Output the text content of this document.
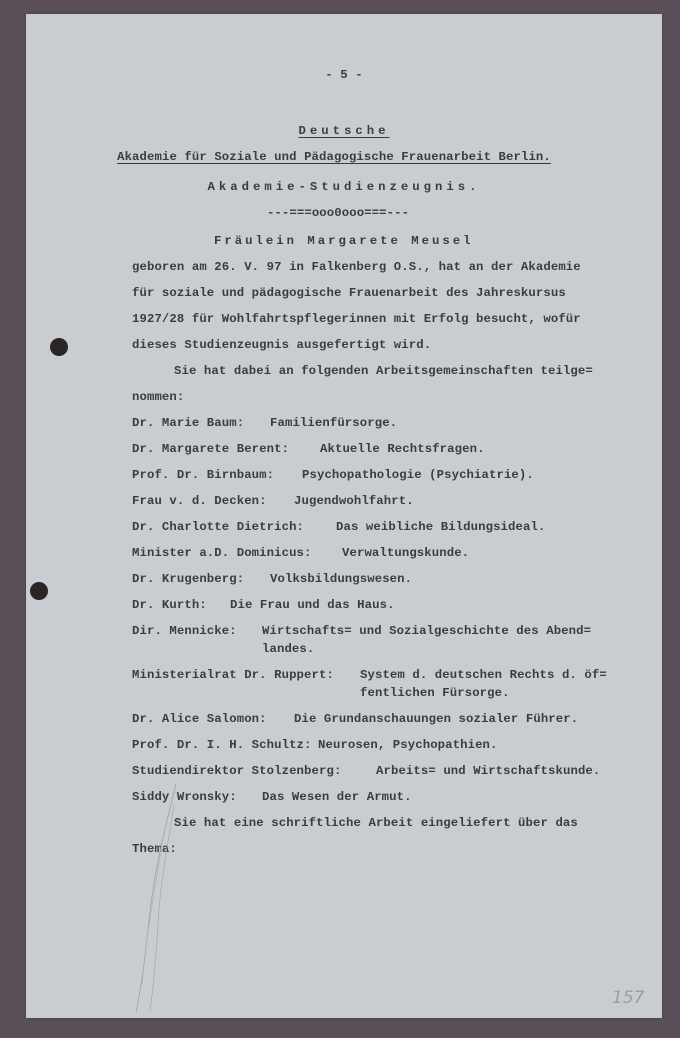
- 5 -
Deutsche
Akademie für Soziale und Pädagogische Frauenarbeit Berlin.
Akademie-Studienzeugnis.
---===ooo0ooo===---
Fräulein Margarete Meusel
geboren am 26. V. 97 in Falkenberg O.S., hat an der Akademie
für soziale und pädagogische Frauenarbeit des Jahreskursus
1927/28 für Wohlfahrtspflegerinnen mit Erfolg besucht, wofür
dieses Studienzeugnis ausgefertigt wird.
Sie hat dabei an folgenden Arbeitsgemeinschaften teilge=
nommen:
Dr. Marie Baum: Familienfürsorge.
Dr. Margarete Berent:	Aktuelle Rechtsfragen.
Prof. Dr. Birnbaum: Psychopathologie (Psychiatrie).
Frau v. d. Decken: Jugendwohlfahrt.
Dr. Charlotte Dietrich:	Das weibliche Bildungsideal.
Minister a.D. Dominicus: Verwaltungskunde.
Dr. Krugenberg: Volksbildungswesen.
Dr. Kurth: Die Frau und das Haus.
Dir. Mennicke: Wirtschafts= und Sozialgeschichte des Abend=
landes.
Ministerialrat Dr. Ruppert: System d. deutschen Rechts d. öf=
fentlichen Fürsorge.
Dr. Alice Salomon: Die Grundanschauungen sozialer Führer.
Prof. Dr. I. H. Schultz: Neurosen, Psychopathien.
Studiendirektor Stolzenberg:	Arbeits= und Wirtschaftskunde.
Siddy Wronsky: Das Wesen der Armut.
Sie hat eine schriftliche Arbeit eingeliefert über das
Thema:
157
